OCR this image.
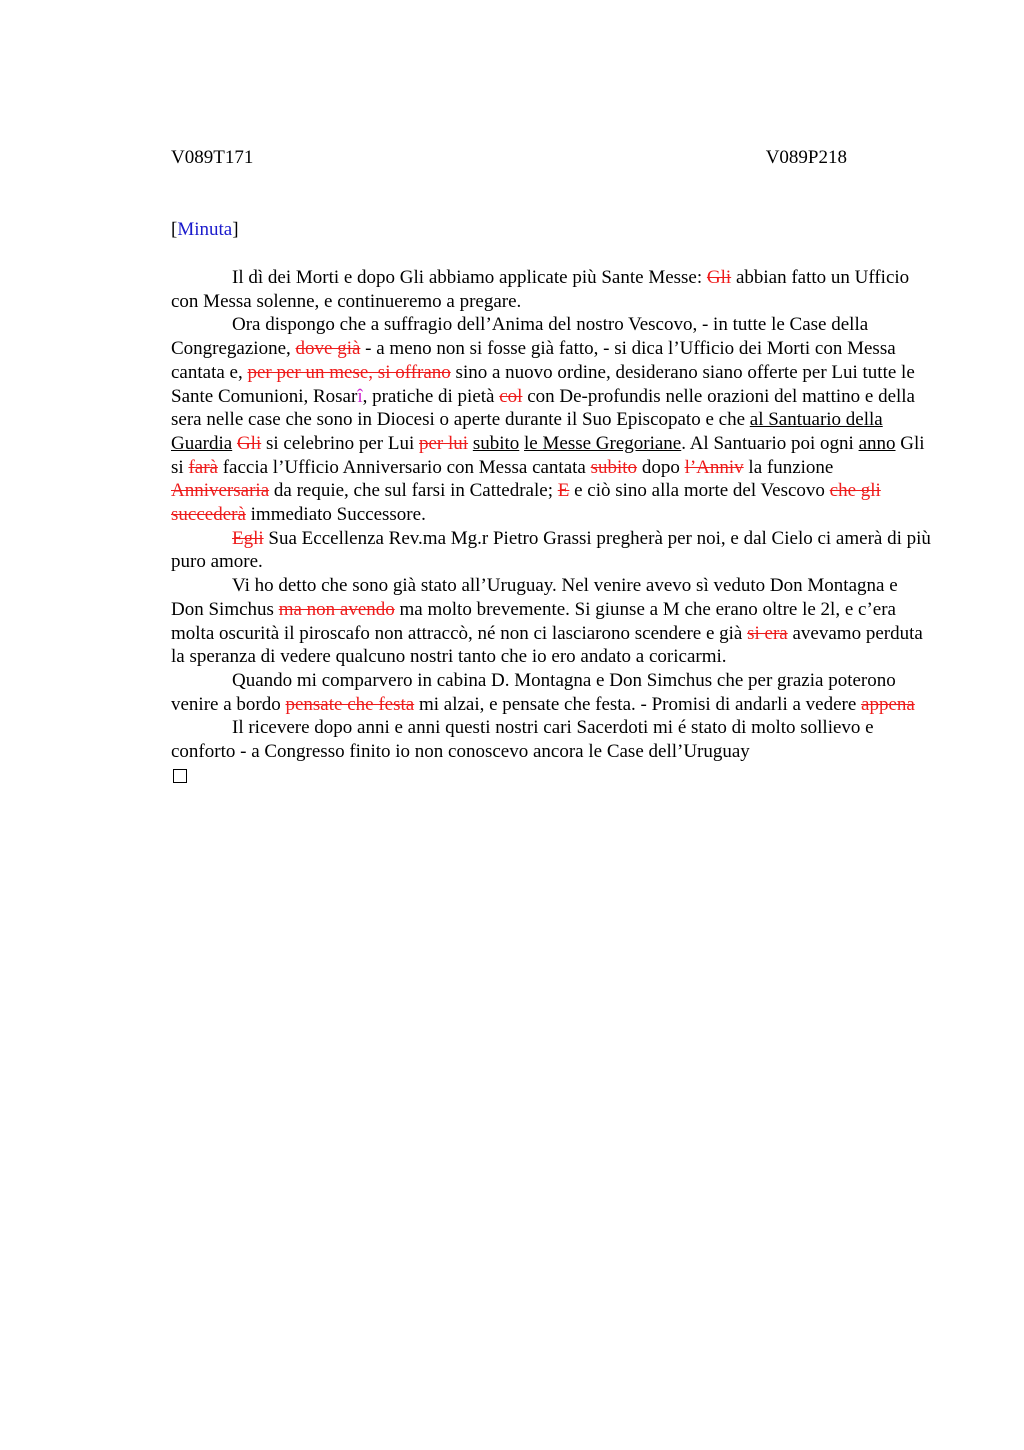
V089T171	V089P218
[Minuta]

Il dì dei Morti e dopo Gli abbiamo applicate più Sante Messe: Gli abbian fatto un Ufficio con Messa solenne, e continueremo a pregare.

Ora dispongo che a suffragio dell’Anima del nostro Vescovo, - in tutte le Case della Congregazione, dove già - a meno non si fosse già fatto, - si dica l’Ufficio dei Morti con Messa cantata e, per per un mese, si offrano sino a nuovo ordine, desiderano siano offerte per Lui tutte le Sante Comunioni, Rosarî, pratiche di pietà col con De-profundis nelle orazioni del mattino e della sera nelle case che sono in Diocesi o aperte durante il Suo Episcopato e che al Santuario della Guardia Gli si celebrino per Lui per lui subito le Messe Gregoriane. Al Santuario poi ogni anno Gli si farà faccia l’Ufficio Anniversario con Messa cantata subito dopo l’Anniv la funzione Anniversaria da requie, che sul farsi in Cattedrale; E e ciò sino alla morte del Vescovo che gli succederà immediato Successore.

Egli Sua Eccellenza Rev.ma Mg.r Pietro Grassi pregherà per noi, e dal Cielo ci amerà di più puro amore.

Vi ho detto che sono già stato all’Uruguay. Nel venire avevo sì veduto Don Montagna e Don Simchus ma non avendo ma molto brevemente. Si giunse a M che erano oltre le 2l, e c’era molta oscurità il piroscafo non attraccò, né non ci lasciarono scendere e già si era avevamo perduta la speranza di vedere qualcuno nostri tanto che io ero andato a coricarmi.

Quando mi comparvero in cabina D. Montagna e Don Simchus che per grazia poterono venire a bordo pensate che festa mi alzai, e pensate che festa. - Promisi di andarli a vedere appena

Il ricevere dopo anni e anni questi nostri cari Sacerdoti mi é stato di molto sollievo e conforto - a Congresso finito io non conoscevo ancora le Case dell’Uruguay
